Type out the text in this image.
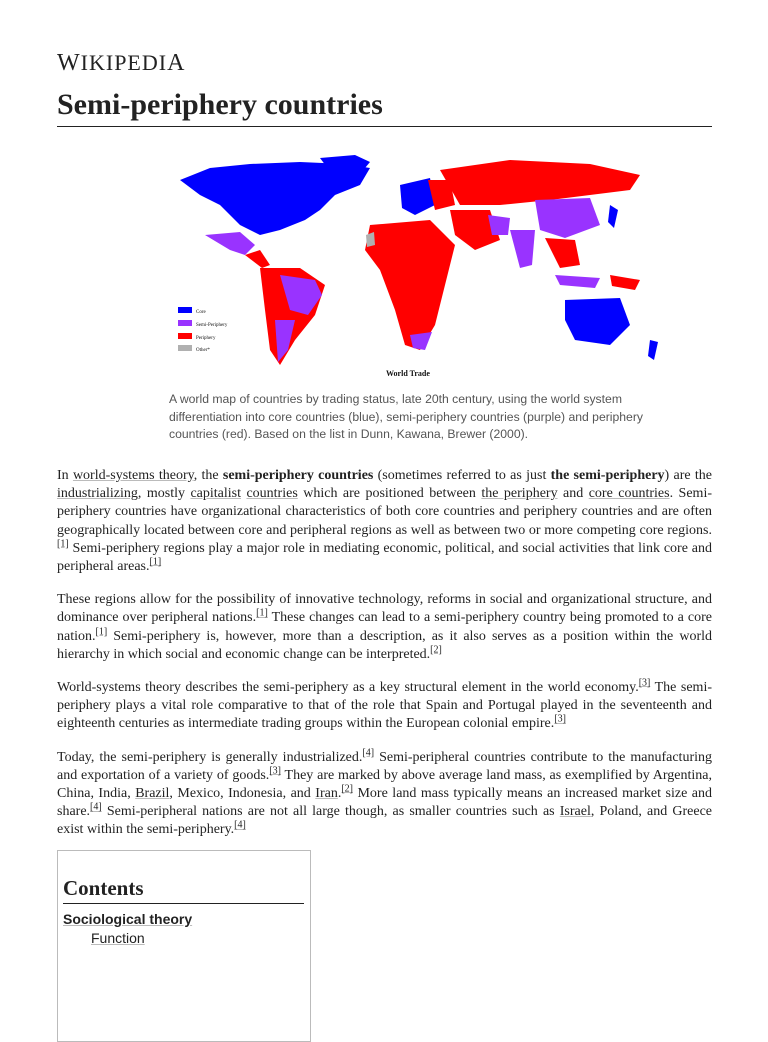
WIKIPEDIA
Semi-periphery countries
Core
Semi-Periphery
Periphery
Other*
World Trade
A world map of countries by trading status, late 20th century, using the world system differentiation into core countries (blue), semi-periphery countries (purple) and periphery countries (red). Based on the list in Dunn, Kawana, Brewer (2000).

In world-systems theory, the semi-periphery countries (sometimes referred to as just the semi-periphery) are the industrializing, mostly capitalist countries which are positioned between the periphery and core countries. Semi-periphery countries have organizational characteristics of both core countries and periphery countries and are often geographically located between core and peripheral regions as well as between two or more competing core regions.[1] Semi-periphery regions play a major role in mediating economic, political, and social activities that link core and peripheral areas.[1]

These regions allow for the possibility of innovative technology, reforms in social and organizational structure, and dominance over peripheral nations.[1] These changes can lead to a semi-periphery country being promoted to a core nation.[1] Semi-periphery is, however, more than a description, as it also serves as a position within the world hierarchy in which social and economic change can be interpreted.[2]

World-systems theory describes the semi-periphery as a key structural element in the world economy.[3] The semi-periphery plays a vital role comparative to that of the role that Spain and Portugal played in the seventeenth and eighteenth centuries as intermediate trading groups within the European colonial empire.[3]

Today, the semi-periphery is generally industrialized.[4] Semi-peripheral countries contribute to the manufacturing and exportation of a variety of goods.[3] They are marked by above average land mass, as exemplified by Argentina, China, India, Brazil, Mexico, Indonesia, and Iran.[2] More land mass typically means an increased market size and share.[4] Semi-peripheral nations are not all large though, as smaller countries such as Israel, Poland, and Greece exist within the semi-periphery.[4]

Contents
Sociological theory
Function
